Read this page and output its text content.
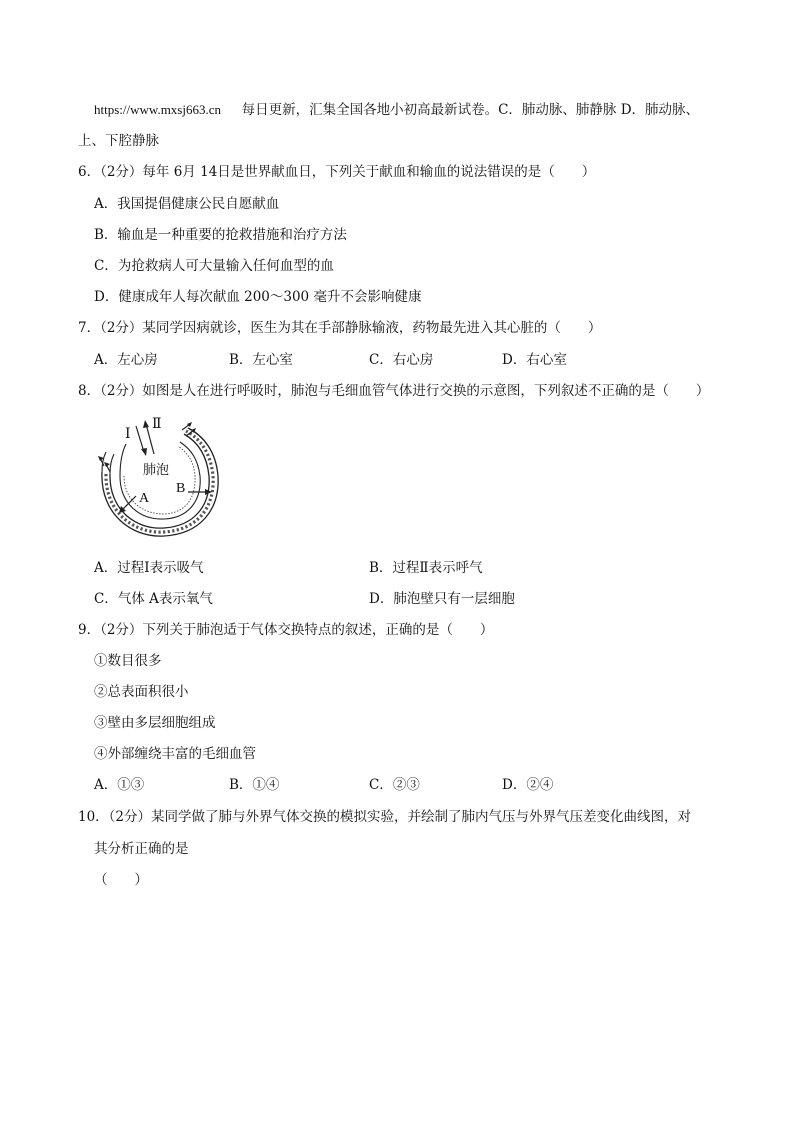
https://www.mxsj663.cn 每日更新，汇集全国各地小初高最新试卷。C．肺动脉、肺静脉 D．肺动脉、
上、下腔静脉
6．（2分）每年 6月 14日是世界献血日，下列关于献血和输血的说法错误的是（　　）
A．我国提倡健康公民自愿献血
B．输血是一种重要的抢救措施和治疗方法
C．为抢救病人可大量输入任何血型的血
D．健康成年人每次献血 200～300 毫升不会影响健康
7．（2分）某同学因病就诊，医生为其在手部静脉输液，药物最先进入其心脏的（　　）
A．左心房	B．左心室	C．右心房	D．右心室
8．（2分）如图是人在进行呼吸时，肺泡与毛细血管气体进行交换的示意图，下列叙述不正确的是（　　）
Ⅰ
Ⅱ
肺泡
A
B
A．过程Ⅰ表示吸气	B．过程Ⅱ表示呼气
C．气体 A表示氧气	D．肺泡壁只有一层细胞
9．（2分）下列关于肺泡适于气体交换特点的叙述，正确的是（　　）
①数目很多
②总表面积很小
③壁由多层细胞组成
④外部缠绕丰富的毛细血管
A．①③	B．①④	C．②③	D．②④
10．（2分）某同学做了肺与外界气体交换的模拟实验，并绘制了肺内气压与外界气压差变化曲线图，对
其分析正确的是
（　　）
